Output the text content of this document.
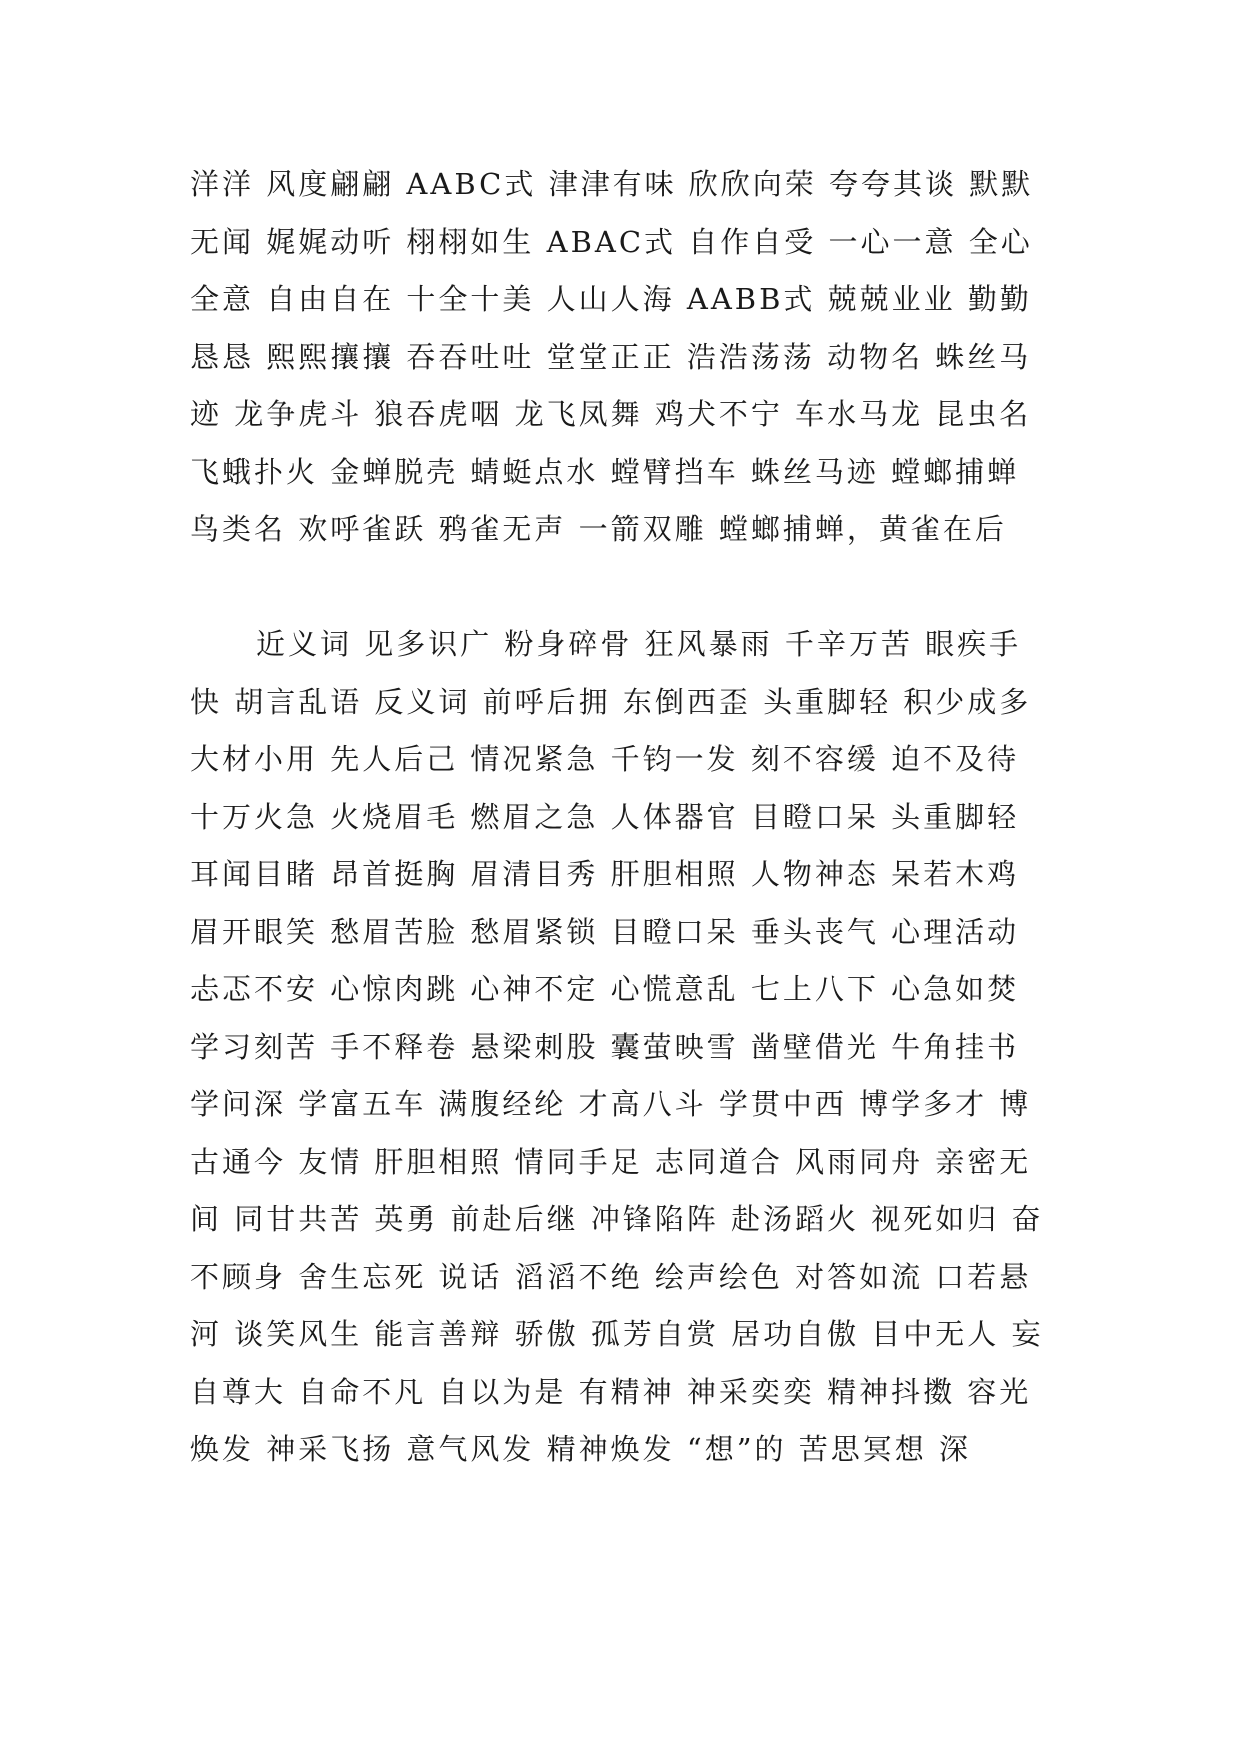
洋洋 风度翩翩 AABC式 津津有味 欣欣向荣 夸夸其谈 默默无闻 娓娓动听 栩栩如生 ABAC式 自作自受 一心一意 全心全意 自由自在 十全十美 人山人海 AABB式 兢兢业业 勤勤恳恳 熙熙攘攘 吞吞吐吐 堂堂正正 浩浩荡荡 动物名 蛛丝马迹 龙争虎斗 狼吞虎咽 龙飞凤舞 鸡犬不宁 车水马龙 昆虫名 飞蛾扑火 金蝉脱壳 蜻蜓点水 螳臂挡车 蛛丝马迹 螳螂捕蝉 鸟类名 欢呼雀跃 鸦雀无声 一箭双雕 螳螂捕蝉，黄雀在后

近义词 见多识广 粉身碎骨 狂风暴雨 千辛万苦 眼疾手快 胡言乱语 反义词 前呼后拥 东倒西歪 头重脚轻 积少成多 大材小用 先人后己 情况紧急 千钧一发 刻不容缓 迫不及待 十万火急 火烧眉毛 燃眉之急 人体器官 目瞪口呆 头重脚轻 耳闻目睹 昂首挺胸 眉清目秀 肝胆相照 人物神态 呆若木鸡 眉开眼笑 愁眉苦脸 愁眉紧锁 目瞪口呆 垂头丧气 心理活动 忐忑不安 心惊肉跳 心神不定 心慌意乱 七上八下 心急如焚 学习刻苦 手不释卷 悬梁刺股 囊萤映雪 凿壁借光 牛角挂书 学问深 学富五车 满腹经纶 才高八斗 学贯中西 博学多才 博古通今 友情 肝胆相照 情同手足 志同道合 风雨同舟 亲密无间 同甘共苦 英勇 前赴后继 冲锋陷阵 赴汤蹈火 视死如归 奋不顾身 舍生忘死 说话 滔滔不绝 绘声绘色 对答如流 口若悬河 谈笑风生 能言善辩 骄傲 孤芳自赏 居功自傲 目中无人 妄自尊大 自命不凡 自以为是 有精神 神采奕奕 精神抖擞 容光焕发 神采飞扬 意气风发 精神焕发 “想”的 苦思冥想 深
